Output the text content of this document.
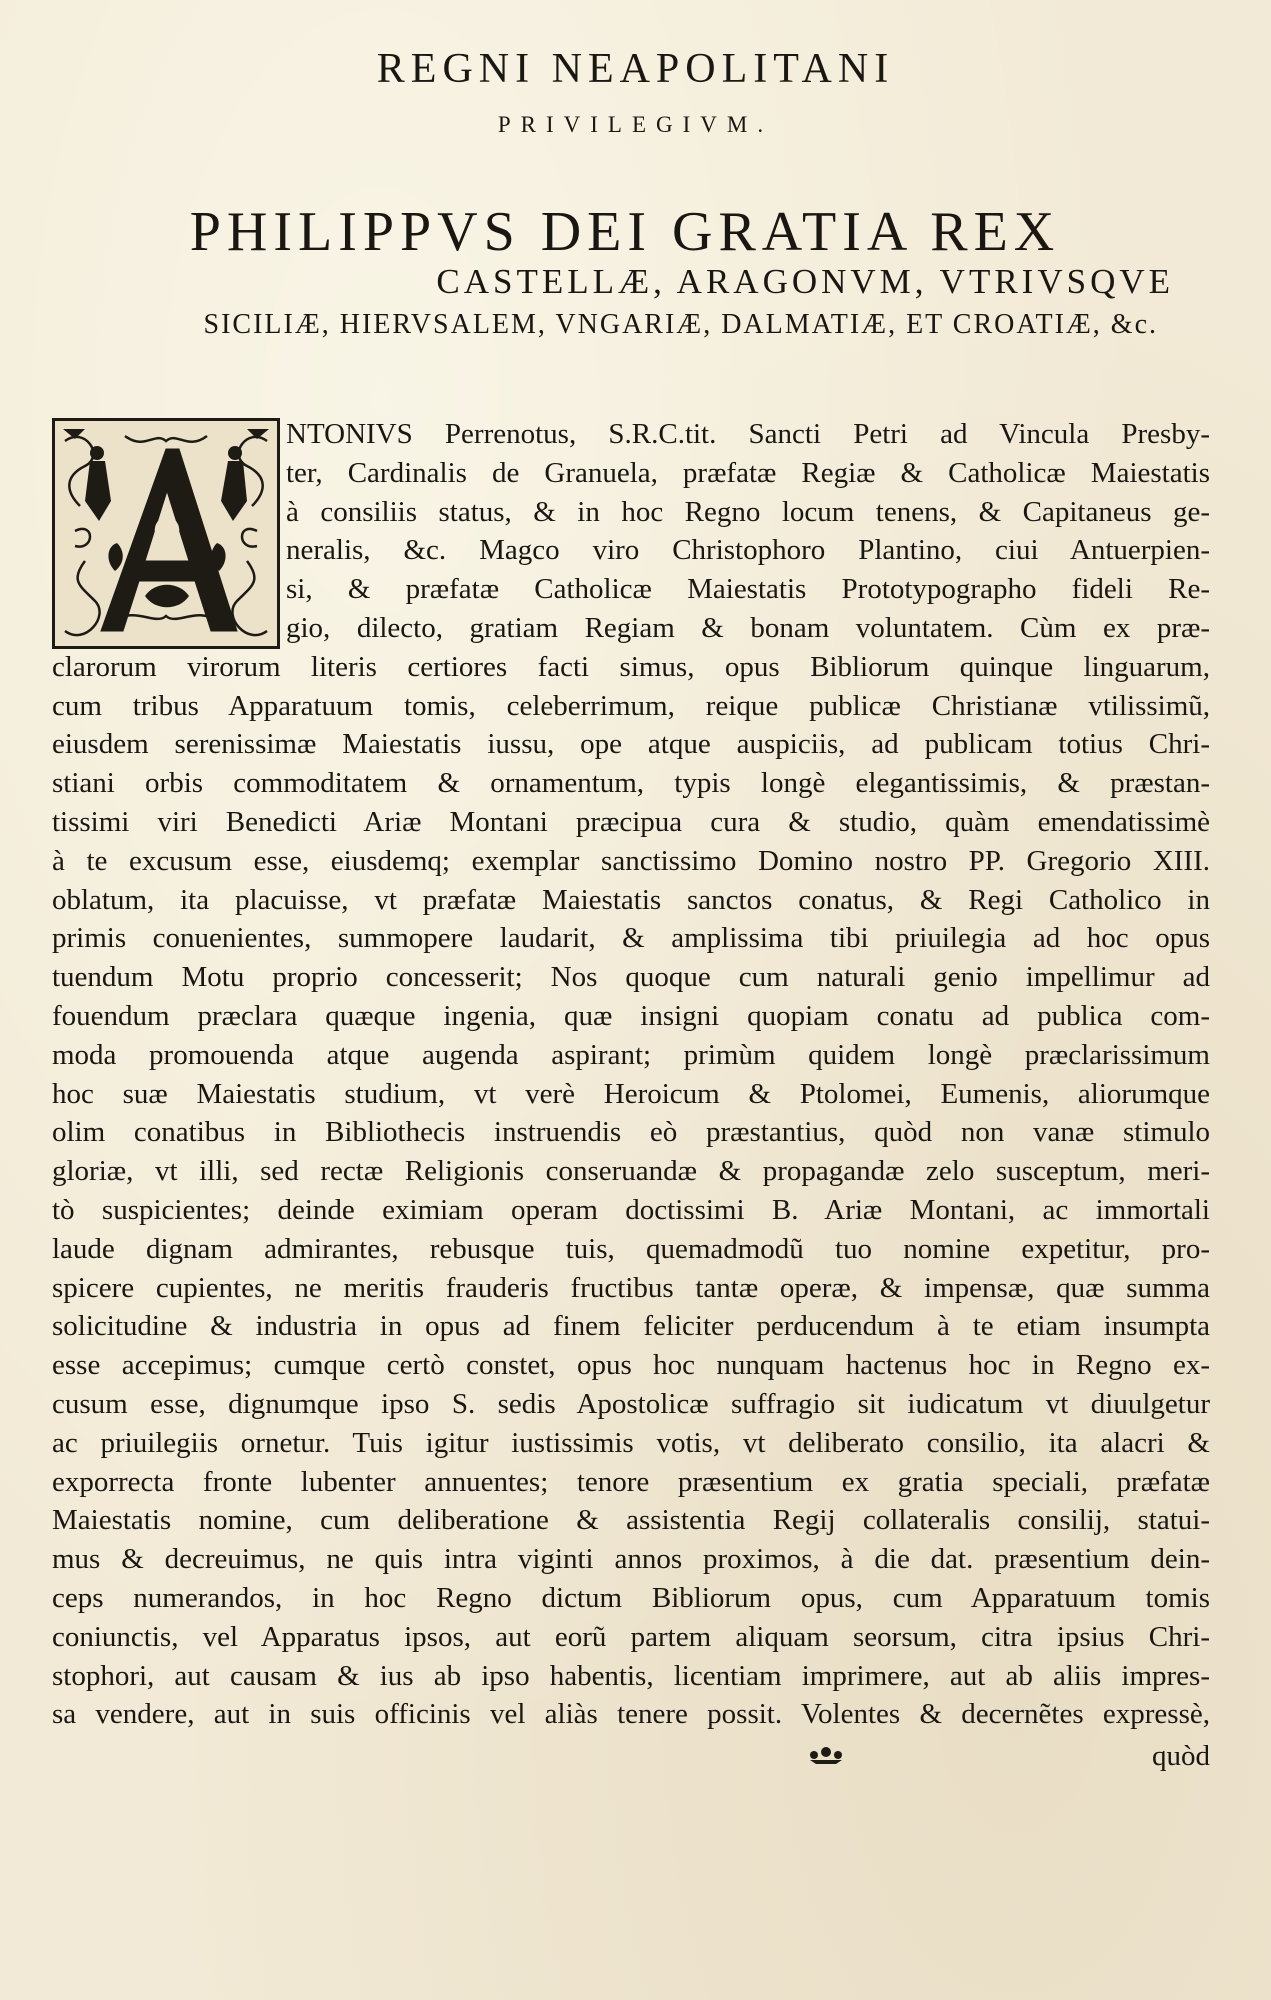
REGNI NEAPOLITANI
PRIVILEGIVM.
PHILIPPVS DEI GRATIA REX
CASTELLÆ, ARAGONVM, VTRIVSQVE
SICILIÆ, HIERVSALEM, VNGARIÆ, DALMATIÆ, ET CROATIÆ, &c.
NTONIVS Perrenotus, S.R.C.tit. Sancti Petri ad Vincula Presby-
ter, Cardinalis de Granuela, præfatæ Regiæ & Catholicæ Maiestatis
à consiliis status, & in hoc Regno locum tenens, & Capitaneus ge-
neralis, &c. Magco viro Christophoro Plantino, ciui Antuerpien-
si, & præfatæ Catholicæ Maiestatis Prototypographo fideli Re-
gio, dilecto, gratiam Regiam & bonam voluntatem. Cùm ex præ-
clarorum virorum literis certiores facti simus, opus Bibliorum quinque linguarum,
cum tribus Apparatuum tomis, celeberrimum, reique publicæ Christianæ vtilissimũ,
eiusdem serenissimæ Maiestatis iussu, ope atque auspiciis, ad publicam totius Chri-
stiani orbis commoditatem & ornamentum, typis longè elegantissimis, & præstan-
tissimi viri Benedicti Ariæ Montani præcipua cura & studio, quàm emendatissimè
à te excusum esse, eiusdemq; exemplar sanctissimo Domino nostro PP. Gregorio XIII.
oblatum, ita placuisse, vt præfatæ Maiestatis sanctos conatus, & Regi Catholico in
primis conuenientes, summopere laudarit, & amplissima tibi priuilegia ad hoc opus
tuendum Motu proprio concesserit; Nos quoque cum naturali genio impellimur ad
fouendum præclara quæque ingenia, quæ insigni quopiam conatu ad publica com-
moda promouenda atque augenda aspirant; primùm quidem longè præclarissimum
hoc suæ Maiestatis studium, vt verè Heroicum & Ptolomei, Eumenis, aliorumque
olim conatibus in Bibliothecis instruendis eò præstantius, quòd non vanæ stimulo
gloriæ, vt illi, sed rectæ Religionis conseruandæ & propagandæ zelo susceptum, meri-
tò suspicientes; deinde eximiam operam doctissimi B. Ariæ Montani, ac immortali
laude dignam admirantes, rebusque tuis, quemadmodũ tuo nomine expetitur, pro-
spicere cupientes, ne meritis frauderis fructibus tantæ operæ, & impensæ, quæ summa
solicitudine & industria in opus ad finem feliciter perducendum à te etiam insumpta
esse accepimus; cumque certò constet, opus hoc nunquam hactenus hoc in Regno ex-
cusum esse, dignumque ipso S. sedis Apostolicæ suffragio sit iudicatum vt diuulgetur
ac priuilegiis ornetur. Tuis igitur iustissimis votis, vt deliberato consilio, ita alacri &
exporrecta fronte lubenter annuentes; tenore præsentium ex gratia speciali, præfatæ
Maiestatis nomine, cum deliberatione & assistentia Regij collateralis consilij, statui-
mus & decreuimus, ne quis intra viginti annos proximos, à die dat. præsentium dein-
ceps numerandos, in hoc Regno dictum Bibliorum opus, cum Apparatuum tomis
coniunctis, vel Apparatus ipsos, aut eorũ partem aliquam seorsum, citra ipsius Chri-
stophori, aut causam & ius ab ipso habentis, licentiam imprimere, aut ab aliis impres-
sa vendere, aut in suis officinis vel aliàs tenere possit. Volentes & decernẽtes expressè,
quòd
